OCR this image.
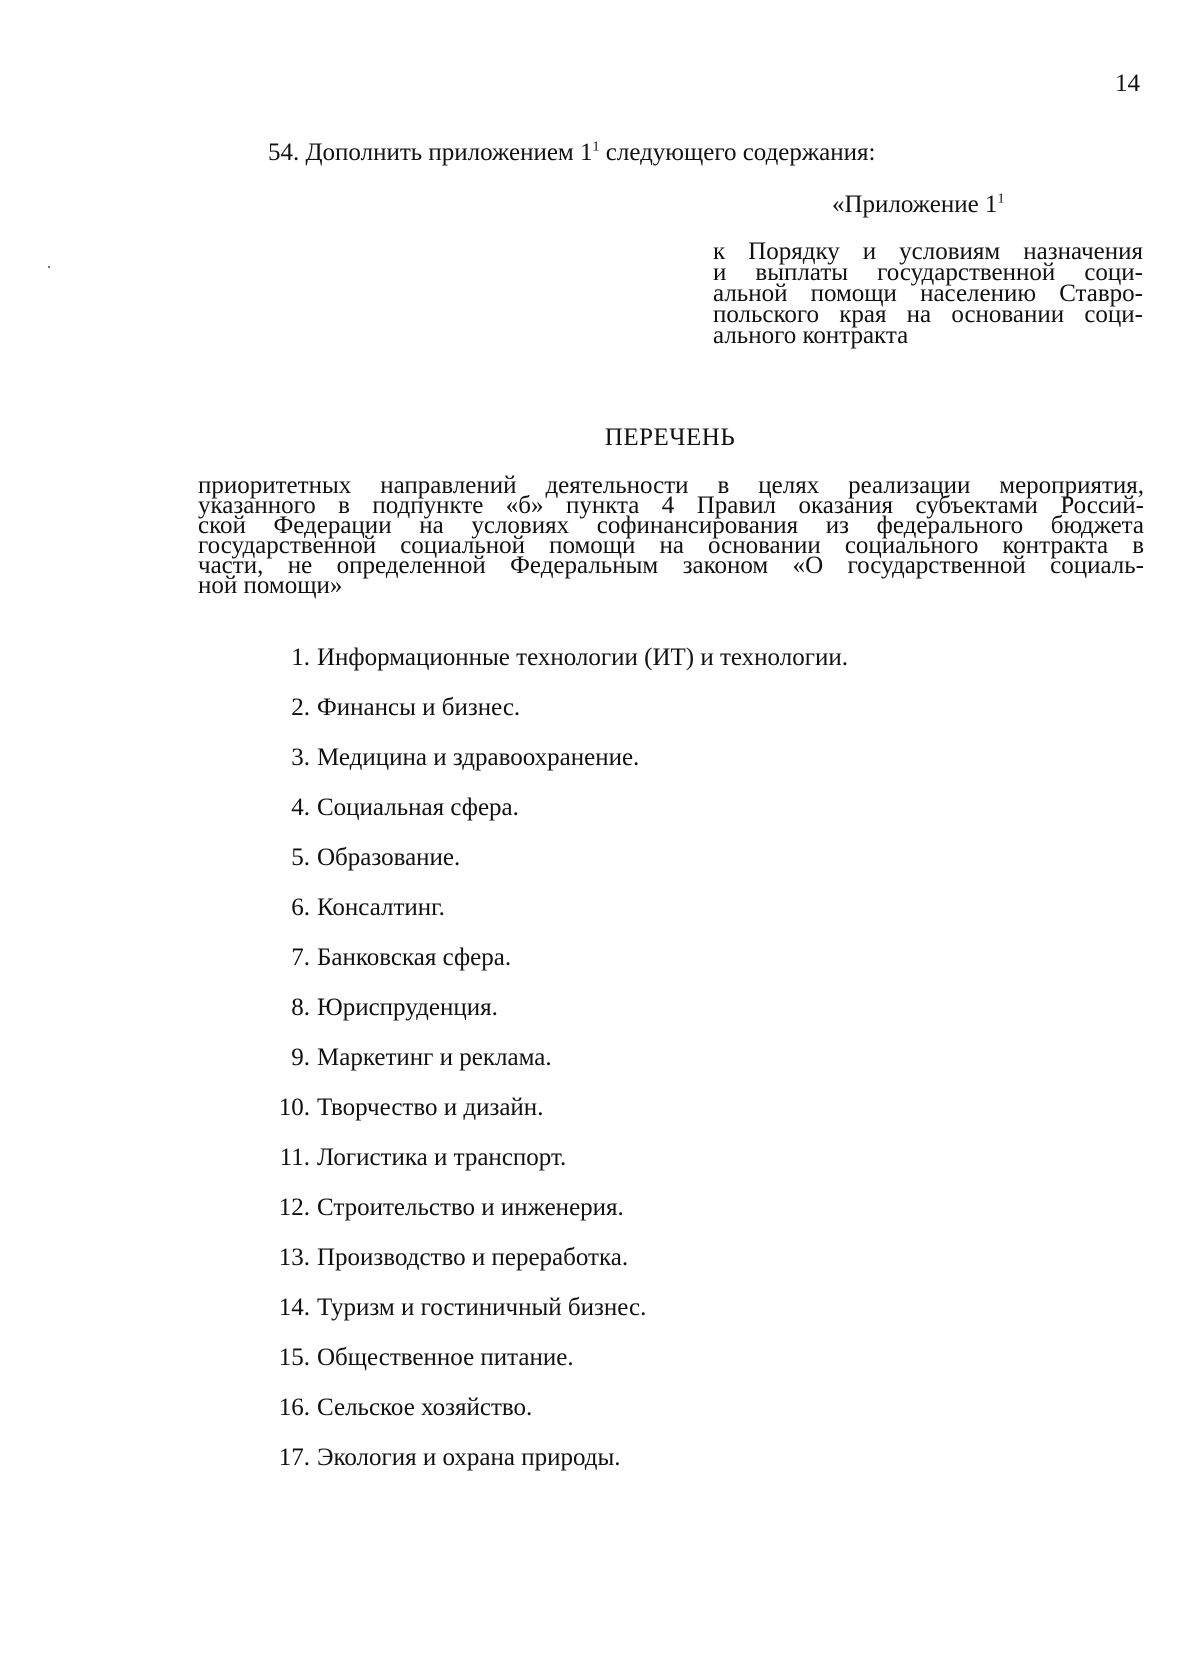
14
54. Дополнить приложением $1^1$ следующего содержания:
«Приложение $1^1$
к Порядку и условиям назначения
и выплаты государственной соци-
альной помощи населению Ставро-
польского края на основании соци-
ального контракта
ПЕРЕЧЕНЬ
приоритетных направлений деятельности в целях реализации мероприятия,
указанного в подпункте «б» пункта 4 Правил оказания субъектами Россий-
ской Федерации на условиях софинансирования из федерального бюджета
государственной социальной помощи на основании социального контракта в
части, не определенной Федеральным законом «О государственной социаль-
ной помощи»
1. Информационные технологии (ИТ) и технологии.
2. Финансы и бизнес.
3. Медицина и здравоохранение.
4. Социальная сфера.
5. Образование.
6. Консалтинг.
7. Банковская сфера.
8. Юриспруденция.
9. Маркетинг и реклама.
10. Творчество и дизайн.
11. Логистика и транспорт.
12. Строительство и инженерия.
13. Производство и переработка.
14. Туризм и гостиничный бизнес.
15. Общественное питание.
16. Сельское хозяйство.
17. Экология и охрана природы.
